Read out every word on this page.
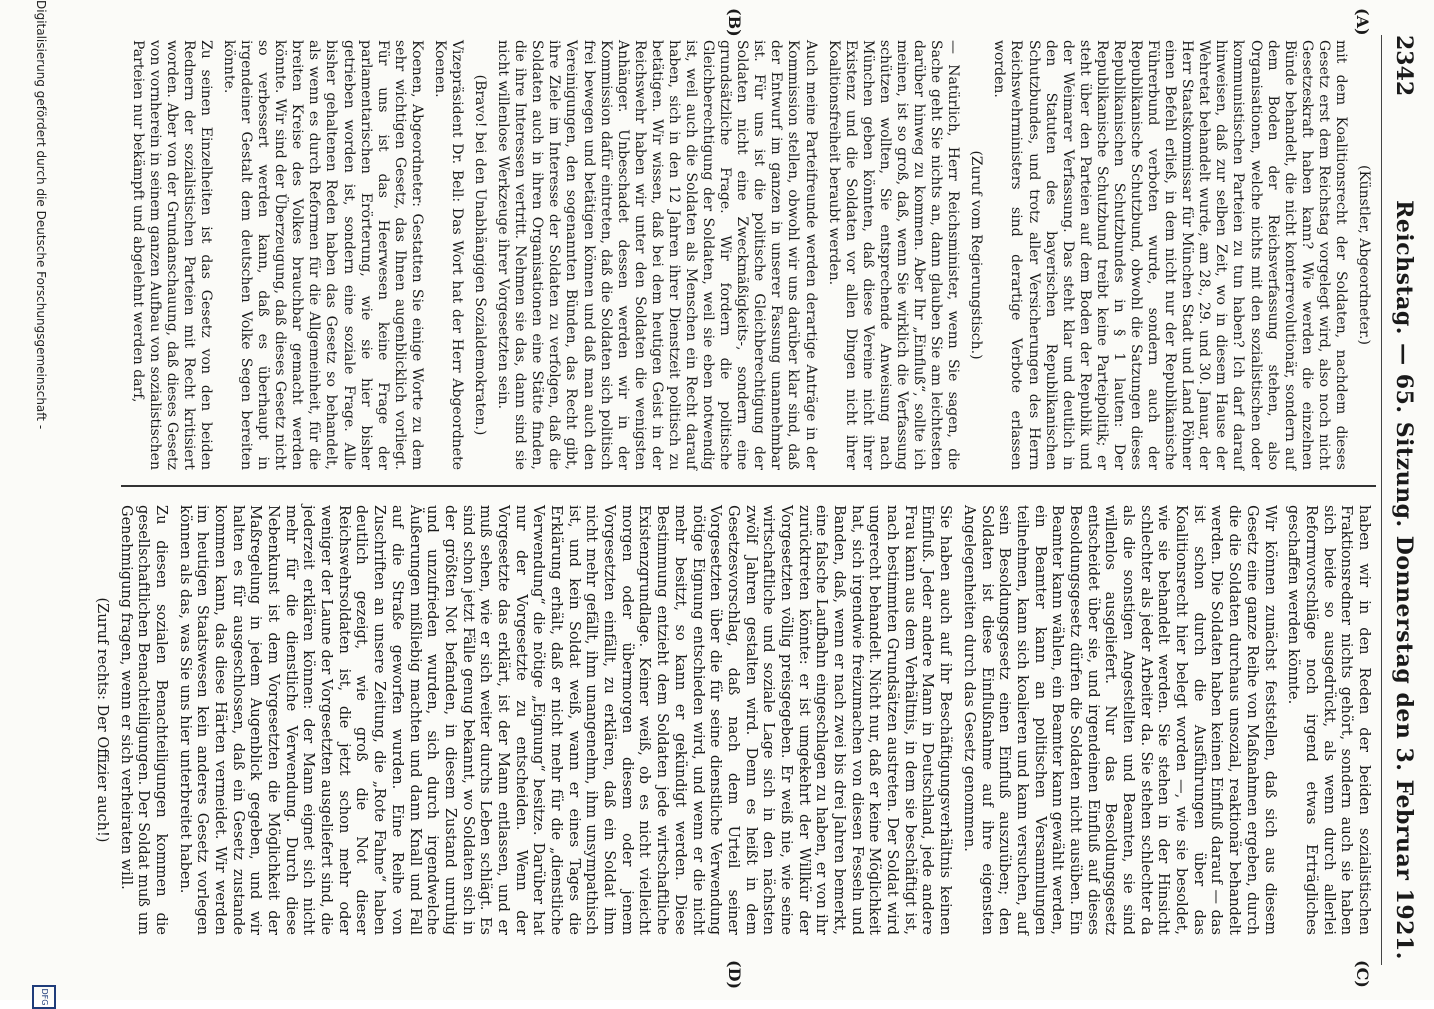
2342
Reichstag. — 65. Sitzung. Donnerstag den 3. Februar 1921.
(A)
(B)
(C)
(D)

(Künstler, Abgeordneter.)

mit dem Koalitionsrecht der Soldaten, nachdem dieses Gesetz erst dem Reichstag vorgelegt wird, also noch nicht Gesetzeskraft haben kann? Wie werden die einzelnen Bünde behandelt, die nicht konterrevolutionär, sondern auf dem Boden der Reichsverfassung stehen, also Organisationen, welche nichts mit den sozialistischen oder kommunistischen Parteien zu tun haben? Ich darf darauf hinweisen, daß zur selben Zeit, wo in diesem Hause der Wehretat behandelt wurde, am 28., 29. und 30. Januar, der Herr Staatskommissar für München Stadt und Land Pöhner einen Befehl erließ, in dem nicht nur der Republikanische Führerbund verboten wurde, sondern auch der Republikanische Schutzbund, obwohl die Satzungen dieses Republikanischen Schutzbundes in § 1 lauten: Der Republikanische Schutzbund treibt keine Parteipolitik; er steht über den Parteien auf dem Boden der Republik und der Weimarer Verfassung. Das steht klar und deutlich in den Statuten des bayerischen Republikanischen Schutzbundes, und trotz aller Versicherungen des Herrn Reichswehrministers sind derartige Verbote erlassen worden.

(Zuruf vom Regierungstisch.)

— Natürlich, Herr Reichsminister, wenn Sie sagen, die Sache geht Sie nichts an, dann glauben Sie am leichtesten darüber hinweg zu kommen. Aber Ihr „Einfluß“, sollte ich meinen, ist so groß, daß, wenn Sie wirklich die Verfassung schützen wollten, Sie entsprechende Anweisung nach München geben könnten, daß diese Vereine nicht ihrer Existenz und die Soldaten vor allen Dingen nicht ihrer Koalitionsfreiheit beraubt werden.

Auch meine Parteifreunde werden derartige Anträge in der Kommission stellen, obwohl wir uns darüber klar sind, daß der Entwurf im ganzen in unserer Fassung unannehmbar ist. Für uns ist die politische Gleichberechtigung der Soldaten nicht eine Zweckmäßigkeits-, sondern eine grundsätzliche Frage. Wir fordern die politische Gleichberechtigung der Soldaten, weil sie eben notwendig ist, weil auch die Soldaten als Menschen ein Recht darauf haben, sich in den 12 Jahren ihrer Dienstzeit politisch zu betätigen. Wir wissen, daß bei dem heutigen Geist in der Reichswehr haben wir unter den Soldaten die wenigsten Anhänger. Unbeschadet dessen werden wir in der Kommission dafür eintreten, daß die Soldaten sich politisch frei bewegen und betätigen können und daß man auch den Vereinigungen, den sogenannten Bünden, das Recht gibt, ihre Ziele im Interesse der Soldaten zu verfolgen, daß die Soldaten auch in ihren Organisationen eine Stätte finden, die ihre Interessen vertritt. Nehmen sie das, dann sind sie nicht willenlose Werkzeuge ihrer Vorgesetzten sein.

(Bravo! bei den Unabhängigen Sozialdemokraten.)

Vizepräsident Dr. Bell: Das Wort hat der Herr Abgeordnete Koenen.

Koenen, Abgeordneter: Gestatten Sie einige Worte zu dem sehr wichtigen Gesetz, das Ihnen augenblicklich vorliegt. Für uns ist das Heerwesen keine Frage der parlamentarischen Erörterung, wie sie hier bisher getrieben worden ist, sondern eine soziale Frage. Alle bisher gehaltenen Reden haben das Gesetz so behandelt, als wenn es durch Reformen für die Allgemeinheit, für die breiten Kreise des Volkes brauchbar gemacht werden könnte. Wir sind der Überzeugung, daß dieses Gesetz nicht so verbessert werden kann, daß es überhaupt in irgendeiner Gestalt dem deutschen Volke Segen bereiten könnte.

Zu seinen Einzelheiten ist das Gesetz von den beiden Rednern der sozialistischen Parteien mit Recht kritisiert worden. Aber von der Grundanschauung, daß dieses Gesetz von vornherein in seinem ganzen Aufbau von sozialistischen Parteien nur bekämpft und abgelehnt werden darf,

haben wir in den Reden der beiden sozialistischen Fraktionsredner nichts gehört, sondern auch sie haben sich beide so ausgedrückt, als wenn durch allerlei Reformvorschläge noch irgend etwas Erträgliches geschaffen werden könnte.

Wir können zunächst feststellen, daß sich aus diesem Gesetz eine ganze Reihe von Maßnahmen ergeben, durch die die Soldaten durchaus unsozial, reaktionär behandelt werden. Die Soldaten haben keinen Einfluß darauf — das ist schon durch die Ausführungen über das Koalitionsrecht hier belegt worden —, wie sie besoldet, wie sie behandelt werden. Sie stehen in der Hinsicht schlechter als jeder Arbeiter da. Sie stehen schlechter da als die sonstigen Angestellten und Beamten, sie sind willenlos ausgeliefert. Nur das Besoldungsgesetz entscheidet über sie, und irgendeinen Einfluß auf dieses Besoldungsgesetz dürfen die Soldaten nicht ausüben. Ein Beamter kann wählen, ein Beamter kann gewählt werden, ein Beamter kann an politischen Versammlungen teilnehmen, kann sich koalieren und kann versuchen, auf sein Besoldungsgesetz einen Einfluß auszuüben; den Soldaten ist diese Einflußnahme auf ihre eigensten Angelegenheiten durch das Gesetz genommen.

Sie haben auch auf ihr Beschäftigungsverhältnis keinen Einfluß. Jeder andere Mann in Deutschland, jede andere Frau kann aus dem Verhältnis, in dem sie beschäftigt ist, nach bestimmten Grundsätzen austreten. Der Soldat wird ungerecht behandelt. Nicht nur, daß er keine Möglichkeit hat, sich irgendwie freizumachen von diesen Fesseln und Banden, daß, wenn er nach zwei bis drei Jahren bemerkt, eine falsche Laufbahn eingeschlagen zu haben, er von ihr zurücktreten könnte: er ist umgekehrt der Willkür der Vorgesetzten völlig preisgegeben. Er weiß nie, wie seine wirtschaftliche und soziale Lage sich in den nächsten zwölf Jahren gestalten wird. Denn es heißt in dem Gesetzesvorschlag, daß nach dem Urteil seiner Vorgesetzten über die für seine dienstliche Verwendung nötige Eignung entschieden wird, und wenn er die nicht mehr besitzt, so kann er gekündigt werden. Diese Bestimmung entzieht dem Soldaten jede wirtschaftliche Existenzgrundlage. Keiner weiß, ob es nicht vielleicht morgen oder übermorgen diesem oder jenem Vorgesetzten einfällt, zu erklären, daß ein Soldat ihm nicht mehr gefällt, ihm unangenehm, ihm unsympathisch ist, und kein Soldat weiß, wann er eines Tages die Erklärung erhält, daß er nicht mehr für die „dienstliche Verwendung“ die nötige „Eignung“ besitze. Darüber hat nur der Vorgesetzte zu entscheiden. Wenn der Vorgesetzte das erklärt, ist der Mann entlassen, und er muß sehen, wie er sich weiter durchs Leben schlägt. Es sind schon jetzt Fälle genug bekannt, wo Soldaten sich in der größten Not befanden, in diesem Zustand unruhig und unzufrieden wurden, sich durch irgendwelche Äußerungen mißliebig machten und dann Knall und Fall auf die Straße geworfen wurden. Eine Reihe von Zuschriften an unsere Zeitung, die „Rote Fahne“ haben deutlich gezeigt, wie groß die Not dieser Reichswehrsoldaten ist, die jetzt schon mehr oder weniger der Laune der Vorgesetzten ausgeliefert sind, die jederzeit erklären können: der Mann eignet sich nicht mehr für die dienstliche Verwendung. Durch diese Nebenkunst ist dem Vorgesetzten die Möglichkeit der Maßregelung in jedem Augenblick gegeben, und wir halten es für ausgeschlossen, daß ein Gesetz zustande kommen kann, das diese Härten vermeidet. Wir werden im heutigen Staatswesen kein anderes Gesetz vorlegen können als das, was Sie uns hier unterbreitet haben.

Zu diesen sozialen Benachteiligungen kommen die gesellschaftlichen Benachteiligungen. Der Soldat muß um Genehmigung fragen, wenn er sich verheiraten will.

(Zuruf rechts: Der Offizier auch!)

Digitalisierung gefördert durch die Deutsche Forschungsgemeinschaft -
DFG
